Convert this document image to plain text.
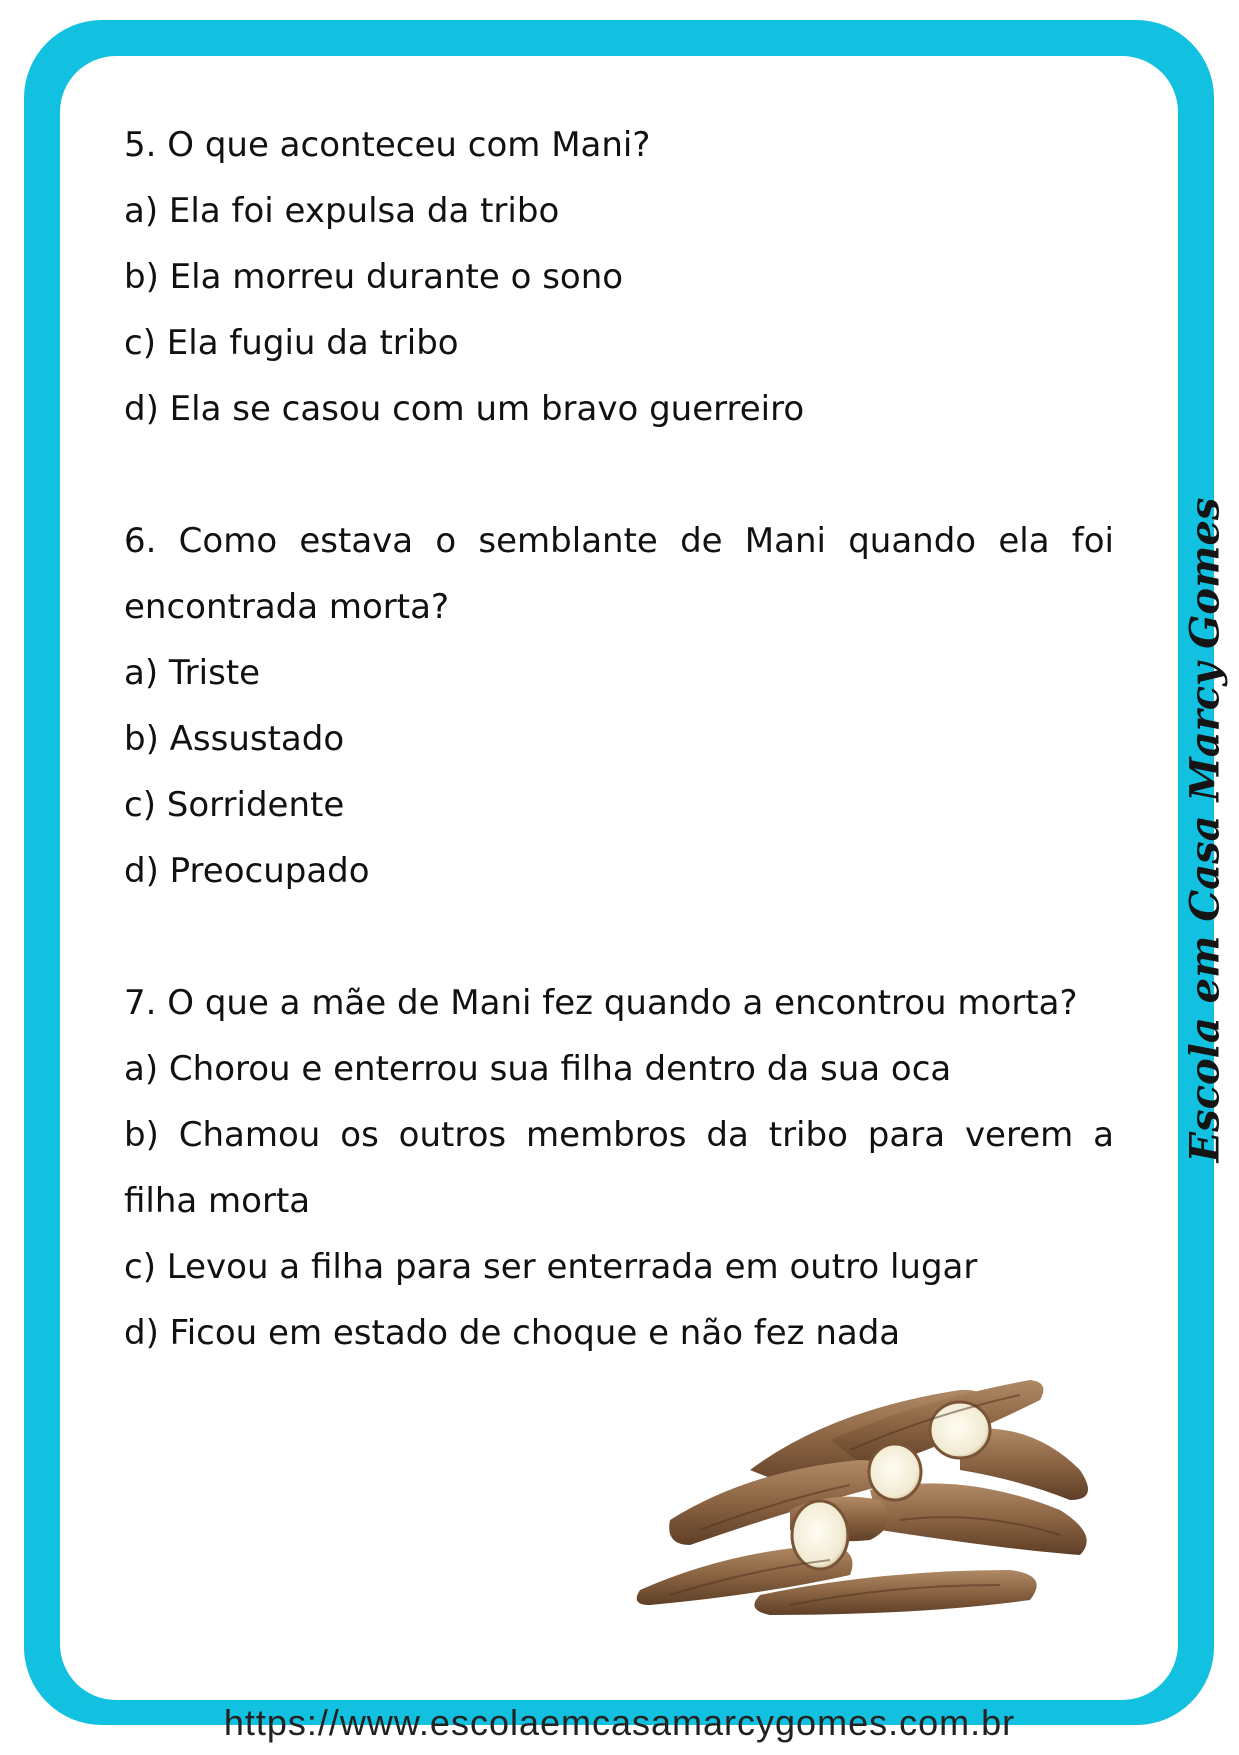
5. O que aconteceu com Mani?

a) Ela foi expulsa da tribo

b) Ela morreu durante o sono

c) Ela fugiu da tribo

d) Ela se casou com um bravo guerreiro

6. Como estava o semblante de Mani quando ela foi encontrada morta?

a) Triste

b) Assustado

c) Sorridente

d) Preocupado

7. O que a mãe de Mani fez quando a encontrou morta?

a) Chorou e enterrou sua filha dentro da sua oca

b) Chamou os outros membros da tribo para verem a filha morta

c) Levou a filha para ser enterrada em outro lugar

d) Ficou em estado de choque e não fez nada

Escola em Casa Marcy Gomes
https://www.escolaemcasamarcygomes.com.br
